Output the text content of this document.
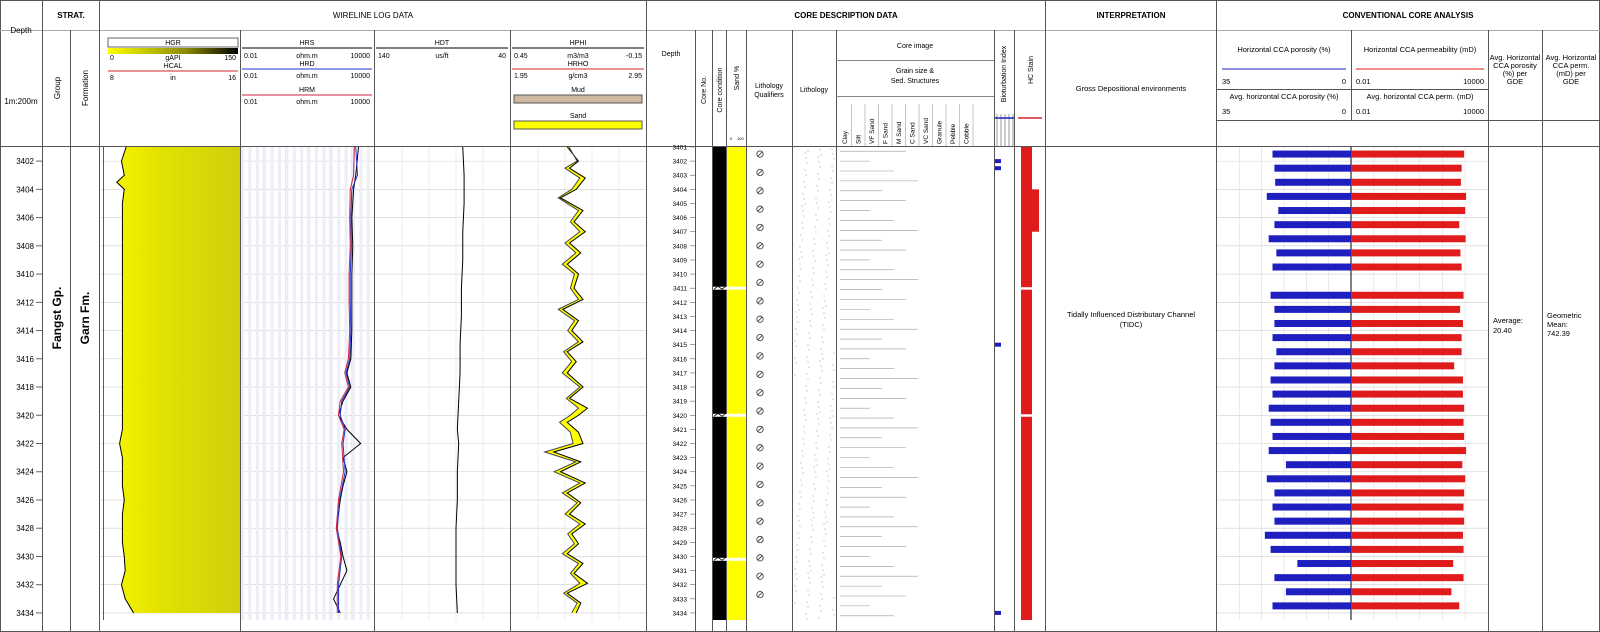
Depth
1m:200m
STRAT.
Group Formation
WIRELINE LOG DATA	CORE DESCRIPTION DATA	INTERPRETATION	CONVENTIONAL CORE ANALYSIS
HGR
0	gAPI	150
HCAL
8	in	16
HRS
0.01	ohm.m	10000
HRD
0.01	ohm.m	10000
HRM
0.01	ohm.m	10000
HDT
140	us/ft	40
HPHI
0.45	m3/m3	-0.15
HRHO
1.95	g/cm3	2.95
Mud
Sand
Depth
Core No. Core condition Sand %
0 100
Lithology
Qualifiers
Lithology
Core image
Grain size &
Sed. Structures	Bioturbation Index	HC Stain
Clay Silt VF Sand F Sand M Sand C Sand VC Sand Granule Pebble Cobble
Gross Depositional environments
Horizontal CCA porosity (%)
35	0
Avg. horizontal CCA porosity (%)
35	0
Horizontal CCA permeability (mD)
0.01	10000
Avg. horizontal CCA perm. (mD)
0.01	10000
Avg. Horizontal
CCA porosity
(%) per
GDE
Avg. Horizontal
CCA perm.
(mD) per
GDE
3402
3404
3406
3408
3410
3412
3414
3416
3418
3420
3422
3424
3426
3428
3430
3432
3434
3401
3402
3403
3404
3405
3406
3407
3408
3409
3410
3411
3412
3413
3414
3415
3416
3417
3418
3419
3420
3421
3422
3423
3424
3425
3426
3427
3428
3429
3430
3431
3432
3433
3434
Fangst Gp. Garn Fm.	Tidally Influenced Distributary Channel
(TIDC)	Average:
20.40
Geometric
Mean:
742.39
